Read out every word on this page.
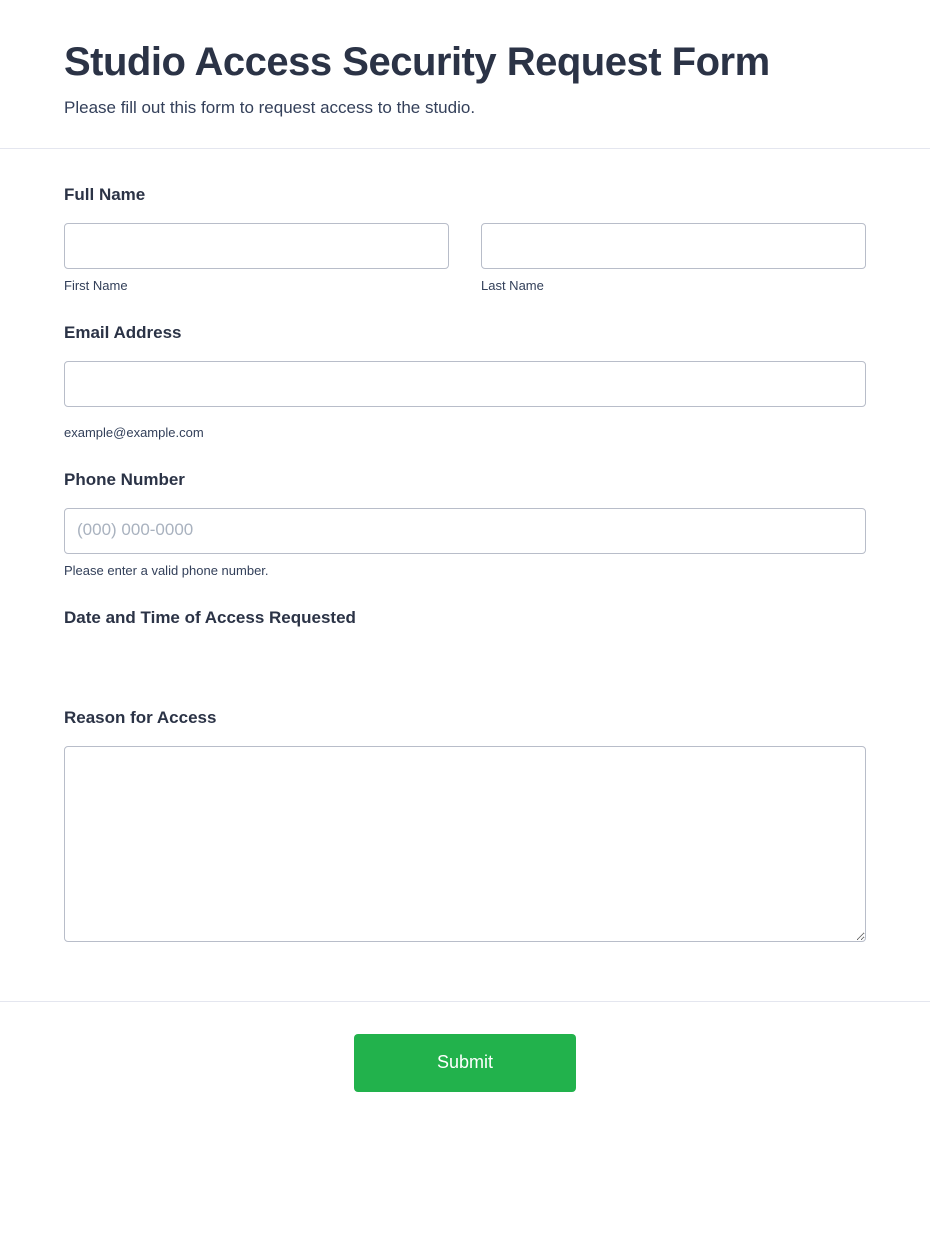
Studio Access Security Request Form

Please fill out this form to request access to the studio.

Full Name
First Name	Last Name
Email Address
example@example.com
Phone Number
(000) 000-0000
Please enter a valid phone number.
Date and Time of Access Requested
Reason for Access
Submit
